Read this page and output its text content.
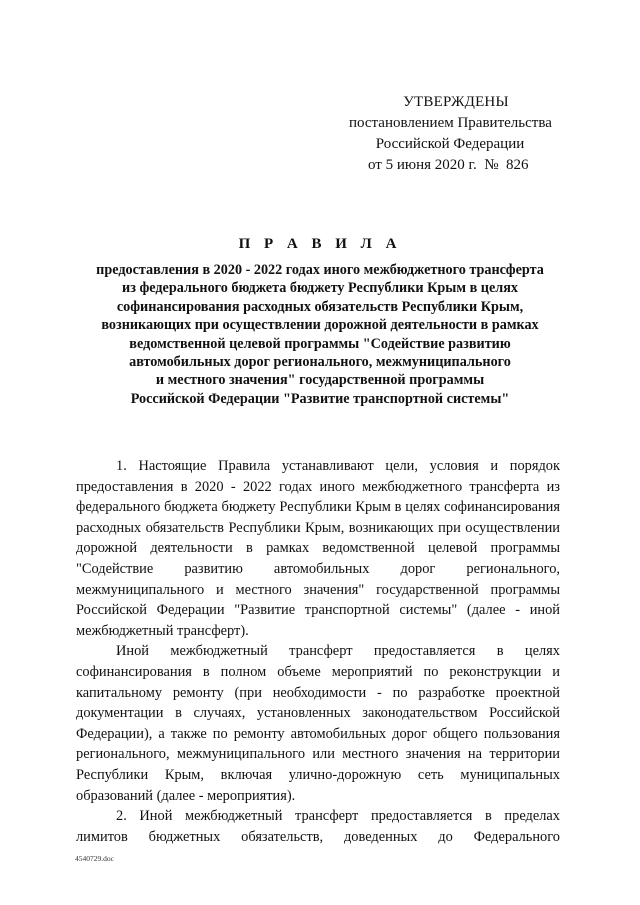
УТВЕРЖДЕНЫ
постановлением Правительства
Российской Федерации
от 5 июня 2020 г.  №  826
П Р А В И Л А
предоставления в 2020 - 2022 годах иного межбюджетного трансферта
из федерального бюджета бюджету Республики Крым в целях
софинансирования расходных обязательств Республики Крым,
возникающих при осуществлении дорожной деятельности в рамках
ведомственной целевой программы "Содействие развитию
автомобильных дорог регионального, межмуниципального
и местного значения" государственной программы
Российской Федерации "Развитие транспортной системы"

1. Настоящие Правила устанавливают цели, условия и порядок предоставления в 2020 - 2022 годах иного межбюджетного трансферта из федерального бюджета бюджету Республики Крым в целях софинансирования расходных обязательств Республики Крым, возникающих при осуществлении дорожной деятельности в рамках ведомственной целевой программы "Содействие развитию автомобильных дорог регионального, межмуниципального и местного значения" государственной программы Российской Федерации "Развитие транспортной системы" (далее - иной межбюджетный трансферт).

Иной межбюджетный трансферт предоставляется в целях софинансирования в полном объеме мероприятий по реконструкции и капитальному ремонту (при необходимости - по разработке проектной документации в случаях, установленных законодательством Российской Федерации), а также по ремонту автомобильных дорог общего пользования регионального, межмуниципального или местного значения на территории Республики Крым, включая улично-дорожную сеть муниципальных образований (далее - мероприятия).

2. Иной межбюджетный трансферт предоставляется в пределах лимитов бюджетных обязательств, доведенных до Федерального

4540729.doc
